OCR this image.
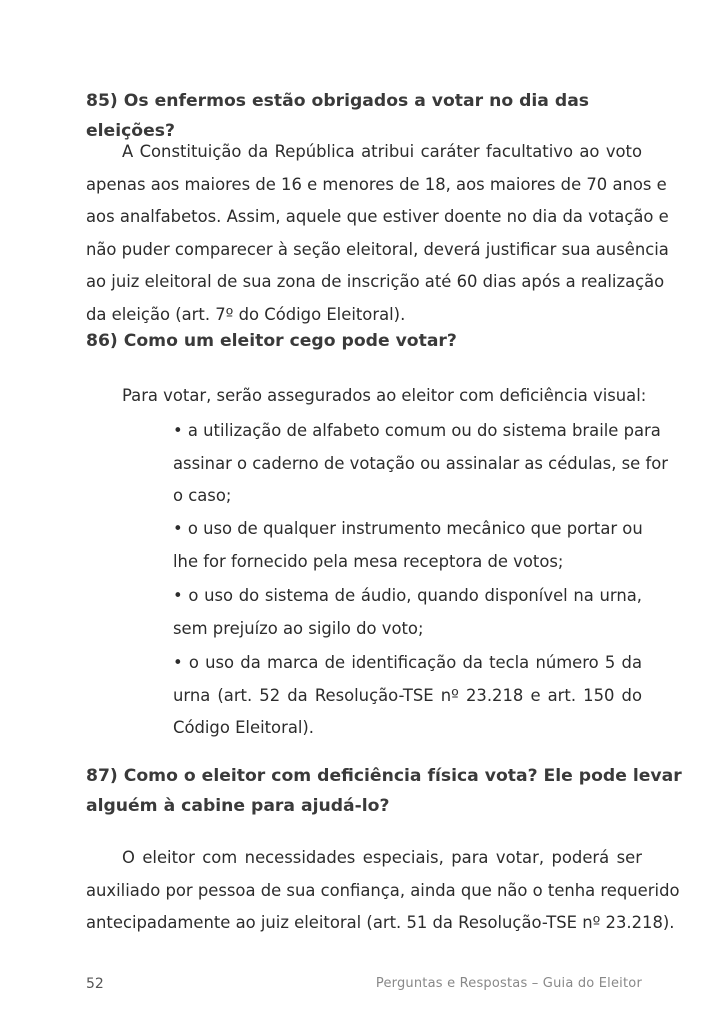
85) Os enfermos estão obrigados a votar no dia das eleições?
A Constituição da República atribui caráter facultativo ao voto
apenas aos maiores de 16 e menores de 18, aos maiores de 70 anos e
aos analfabetos. Assim, aquele que estiver doente no dia da votação e
não puder comparecer à seção eleitoral, deverá justificar sua ausência
ao juiz eleitoral de sua zona de inscrição até 60 dias após a realização
da eleição (art. 7º do Código Eleitoral).
86) Como um eleitor cego pode votar?
Para votar, serão assegurados ao eleitor com deficiência visual:
• a utilização de alfabeto comum ou do sistema braile para
assinar o caderno de votação ou assinalar as cédulas, se for
o caso;
• o uso de qualquer instrumento mecânico que portar ou
lhe for fornecido pela mesa receptora de votos;
• o uso do sistema de áudio, quando disponível na urna,
sem prejuízo ao sigilo do voto;
• o uso da marca de identificação da tecla número 5 da
urna (art. 52 da Resolução-TSE nº 23.218 e art. 150 do
Código Eleitoral).
87) Como o eleitor com deficiência física vota? Ele pode levar
alguém à cabine para ajudá-lo?
O eleitor com necessidades especiais, para votar, poderá ser
auxiliado por pessoa de sua confiança, ainda que não o tenha requerido
antecipadamente ao juiz eleitoral (art. 51 da Resolução-TSE nº 23.218).
52	Perguntas e Respostas – Guia do Eleitor
